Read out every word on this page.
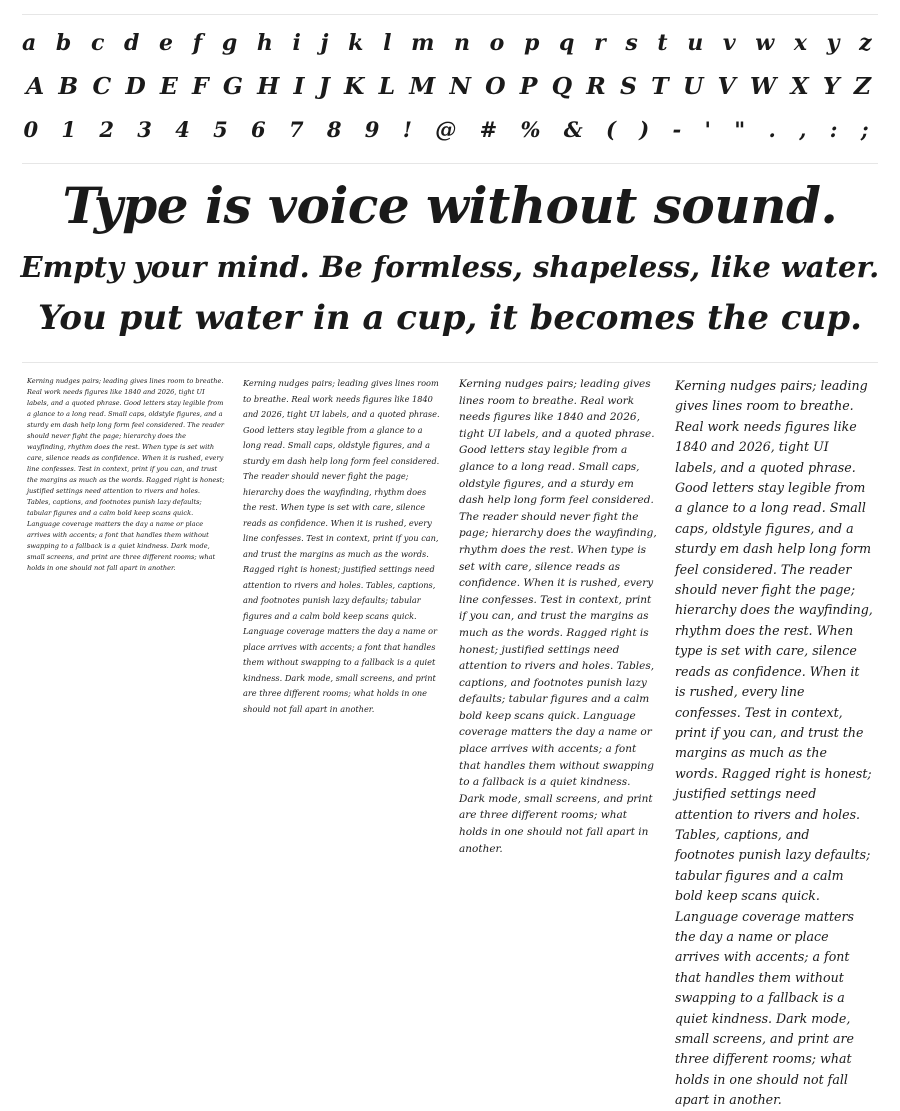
a b c d e f g h i j k l m n o p q r s t u v w x y z
A B C D E F G H I J K L M N O P Q R S T U V W X Y Z
0 1 2 3 4 5 6 7 8 9 ! @ # % & ( ) - ' " . , : ;
Type is voice without sound.
Empty your mind. Be formless, shapeless, like water.
You put water in a cup, it becomes the cup.
Kerning nudges pairs; leading gives lines room to breathe. Real work needs figures like 1840 and 2026, tight UI labels, and a quoted phrase. Good letters stay legible from a glance to a long read. Small caps, oldstyle figures, and a sturdy em dash help long form feel considered. The reader should never fight the page; hierarchy does the wayfinding, rhythm does the rest. When type is set with care, silence reads as confidence. When it is rushed, every line confesses. Test in context, print if you can, and trust the margins as much as the words. Ragged right is honest; justified settings need attention to rivers and holes. Tables, captions, and footnotes punish lazy defaults; tabular figures and a calm bold keep scans quick. Language coverage matters the day a name or place arrives with accents; a font that handles them without swapping to a fallback is a quiet kindness. Dark mode, small screens, and print are three different rooms; what holds in one should not fall apart in another.
Kerning nudges pairs; leading gives lines room to breathe. Real work needs figures like 1840 and 2026, tight UI labels, and a quoted phrase. Good letters stay legible from a glance to a long read. Small caps, oldstyle figures, and a sturdy em dash help long form feel considered. The reader should never fight the page; hierarchy does the wayfinding, rhythm does the rest. When type is set with care, silence reads as confidence. When it is rushed, every line confesses. Test in context, print if you can, and trust the margins as much as the words. Ragged right is honest; justified settings need attention to rivers and holes. Tables, captions, and footnotes punish lazy defaults; tabular figures and a calm bold keep scans quick. Language coverage matters the day a name or place arrives with accents; a font that handles them without swapping to a fallback is a quiet kindness. Dark mode, small screens, and print are three different rooms; what holds in one should not fall apart in another.
Kerning nudges pairs; leading gives lines room to breathe. Real work needs figures like 1840 and 2026, tight UI labels, and a quoted phrase. Good letters stay legible from a glance to a long read. Small caps, oldstyle figures, and a sturdy em dash help long form feel considered. The reader should never fight the page; hierarchy does the wayfinding, rhythm does the rest. When type is set with care, silence reads as confidence. When it is rushed, every line confesses. Test in context, print if you can, and trust the margins as much as the words. Ragged right is honest; justified settings need attention to rivers and holes. Tables, captions, and footnotes punish lazy defaults; tabular figures and a calm bold keep scans quick. Language coverage matters the day a name or place arrives with accents; a font that handles them without swapping to a fallback is a quiet kindness. Dark mode, small screens, and print are three different rooms; what holds in one should not fall apart in another.
Kerning nudges pairs; leading gives lines room to breathe. Real work needs figures like 1840 and 2026, tight UI labels, and a quoted phrase. Good letters stay legible from a glance to a long read. Small caps, oldstyle figures, and a sturdy em dash help long form feel considered. The reader should never fight the page; hierarchy does the wayfinding, rhythm does the rest. When type is set with care, silence reads as confidence. When it is rushed, every line confesses. Test in context, print if you can, and trust the margins as much as the words. Ragged right is honest; justified settings need attention to rivers and holes. Tables, captions, and footnotes punish lazy defaults; tabular figures and a calm bold keep scans quick. Language coverage matters the day a name or place arrives with accents; a font that handles them without swapping to a fallback is a quiet kindness. Dark mode, small screens, and print are three different rooms; what holds in one should not fall apart in another.
